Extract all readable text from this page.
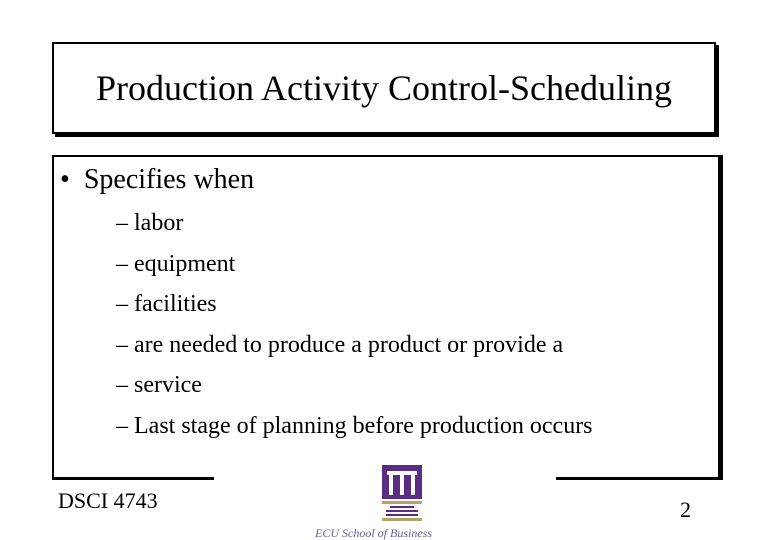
Production Activity Control-Scheduling
• Specifies when
– labor
– equipment
– facilities
– are needed to produce a product or provide a
– service
– Last stage of planning before production occurs
DSCI 4743
ECU School of Business
2
